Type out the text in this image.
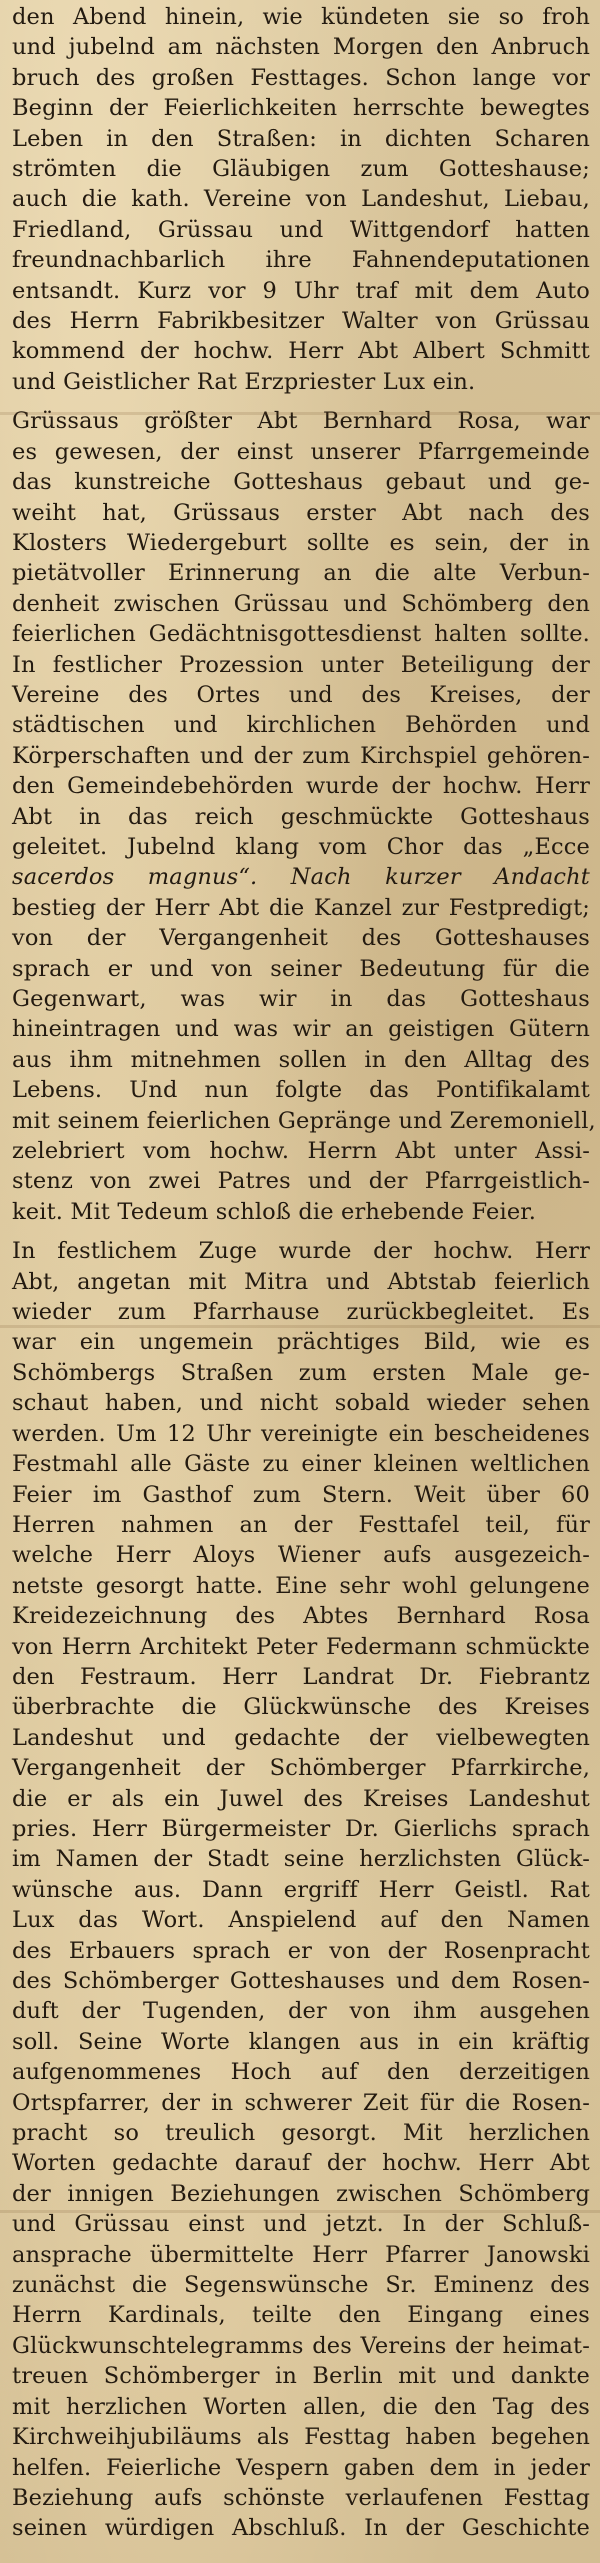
den Abend hinein, wie kündeten sie so froh
und jubelnd am nächsten Morgen den Anbruch
bruch des großen Festtages. Schon lange vor
Beginn der Feierlichkeiten herrschte bewegtes
Leben in den Straßen: in dichten Scharen
strömten die Gläubigen zum Gotteshause;
auch die kath. Vereine von Landeshut, Liebau,
Friedland, Grüssau und Wittgendorf hatten
freundnachbarlich ihre Fahnendeputationen
entsandt. Kurz vor 9 Uhr traf mit dem Auto
des Herrn Fabrikbesitzer Walter von Grüssau
kommend der hochw. Herr Abt Albert Schmitt
und Geistlicher Rat Erzpriester Lux ein.
Grüssaus größter Abt Bernhard Rosa, war
es gewesen, der einst unserer Pfarrgemeinde
das kunstreiche Gotteshaus gebaut und ge-
weiht hat, Grüssaus erster Abt nach des
Klosters Wiedergeburt sollte es sein, der in
pietätvoller Erinnerung an die alte Verbun-
denheit zwischen Grüssau und Schömberg den
feierlichen Gedächtnisgottesdienst halten sollte.
In festlicher Prozession unter Beteiligung der
Vereine des Ortes und des Kreises, der
städtischen und kirchlichen Behörden und
Körperschaften und der zum Kirchspiel gehören-
den Gemeindebehörden wurde der hochw. Herr
Abt in das reich geschmückte Gotteshaus
geleitet. Jubelnd klang vom Chor das „Ecce
sacerdos magnus“. Nach kurzer Andacht
bestieg der Herr Abt die Kanzel zur Festpredigt;
von der Vergangenheit des Gotteshauses
sprach er und von seiner Bedeutung für die
Gegenwart, was wir in das Gotteshaus
hineintragen und was wir an geistigen Gütern
aus ihm mitnehmen sollen in den Alltag des
Lebens. Und nun folgte das Pontifikalamt
mit seinem feierlichen Gepränge und Zeremoniell,
zelebriert vom hochw. Herrn Abt unter Assi-
stenz von zwei Patres und der Pfarrgeistlich-
keit. Mit Tedeum schloß die erhebende Feier.
In festlichem Zuge wurde der hochw. Herr
Abt, angetan mit Mitra und Abtstab feierlich
wieder zum Pfarrhause zurückbegleitet. Es
war ein ungemein prächtiges Bild, wie es
Schömbergs Straßen zum ersten Male ge-
schaut haben, und nicht sobald wieder sehen
werden. Um 12 Uhr vereinigte ein bescheidenes
Festmahl alle Gäste zu einer kleinen weltlichen
Feier im Gasthof zum Stern. Weit über 60
Herren nahmen an der Festtafel teil, für
welche Herr Aloys Wiener aufs ausgezeich-
netste gesorgt hatte. Eine sehr wohl gelungene
Kreidezeichnung des Abtes Bernhard Rosa
von Herrn Architekt Peter Federmann schmückte
den Festraum. Herr Landrat Dr. Fiebrantz
überbrachte die Glückwünsche des Kreises
Landeshut und gedachte der vielbewegten
Vergangenheit der Schömberger Pfarrkirche,
die er als ein Juwel des Kreises Landeshut
pries. Herr Bürgermeister Dr. Gierlichs sprach
im Namen der Stadt seine herzlichsten Glück-
wünsche aus. Dann ergriff Herr Geistl. Rat
Lux das Wort. Anspielend auf den Namen
des Erbauers sprach er von der Rosenpracht
des Schömberger Gotteshauses und dem Rosen-
duft der Tugenden, der von ihm ausgehen
soll. Seine Worte klangen aus in ein kräftig
aufgenommenes Hoch auf den derzeitigen
Ortspfarrer, der in schwerer Zeit für die Rosen-
pracht so treulich gesorgt. Mit herzlichen
Worten gedachte darauf der hochw. Herr Abt
der innigen Beziehungen zwischen Schömberg
und Grüssau einst und jetzt. In der Schluß-
ansprache übermittelte Herr Pfarrer Janowski
zunächst die Segenswünsche Sr. Eminenz des
Herrn Kardinals, teilte den Eingang eines
Glückwunschtelegramms des Vereins der heimat-
treuen Schömberger in Berlin mit und dankte
mit herzlichen Worten allen, die den Tag des
Kirchweihjubiläums als Festtag haben begehen
helfen. Feierliche Vespern gaben dem in jeder
Beziehung aufs schönste verlaufenen Festtag
seinen würdigen Abschluß. In der Geschichte
